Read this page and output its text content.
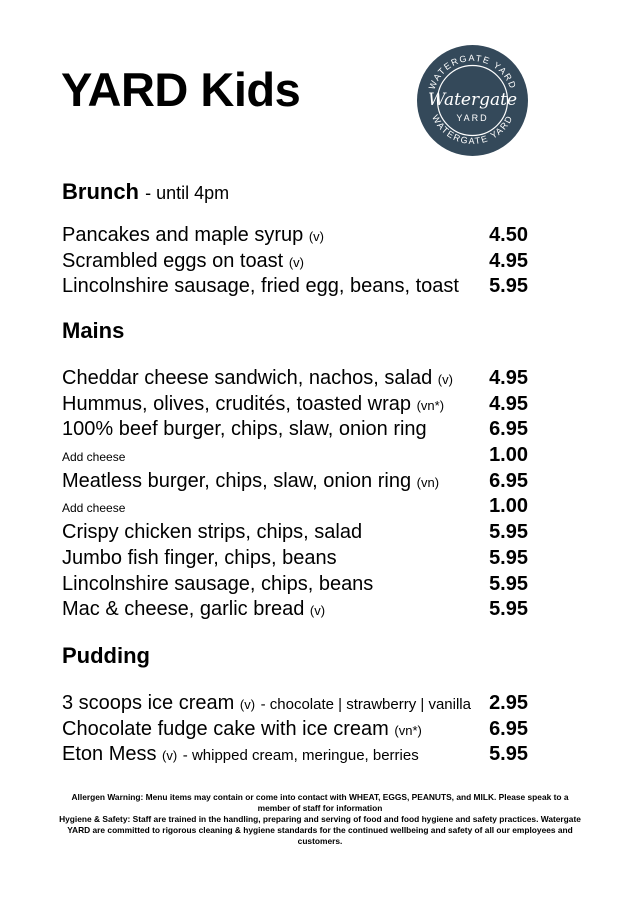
YARD Kids	WATERGATE YARD
WATERGATE YARD
Watergate
YARD
Brunch - until 4pm
Pancakes and maple syrup (v)	4.50
Scrambled eggs on toast (v)	4.95
Lincolnshire sausage, fried egg, beans, toast 5.95
Mains
Cheddar cheese sandwich, nachos, salad (v) 4.95
Hummus, olives, crudités, toasted wrap (vn*) 4.95
100% beef burger, chips, slaw, onion ring	6.95
Add cheese	1.00
Meatless burger, chips, slaw, onion ring (vn)	6.95
Add cheese	1.00
Crispy chicken strips, chips, salad	5.95
Jumbo fish finger, chips, beans	5.95
Lincolnshire sausage, chips, beans	5.95
Mac & cheese, garlic bread (v)	5.95
Pudding
3 scoops ice cream (v) - chocolate | strawberry | vanilla 2.95
Chocolate fudge cake with ice cream (vn*)	6.95
Eton Mess (v) - whipped cream, meringue, berries	5.95
Allergen Warning: Menu items may contain or come into contact with WHEAT, EGGS, PEANUTS, and MILK. Please speak to a member of staff for information
Hygiene & Safety: Staff are trained in the handling, preparing and serving of food and food hygiene and safety practices. Watergate YARD are committed to rigorous cleaning & hygiene standards for the continued wellbeing and safety of all our employees and customers.
